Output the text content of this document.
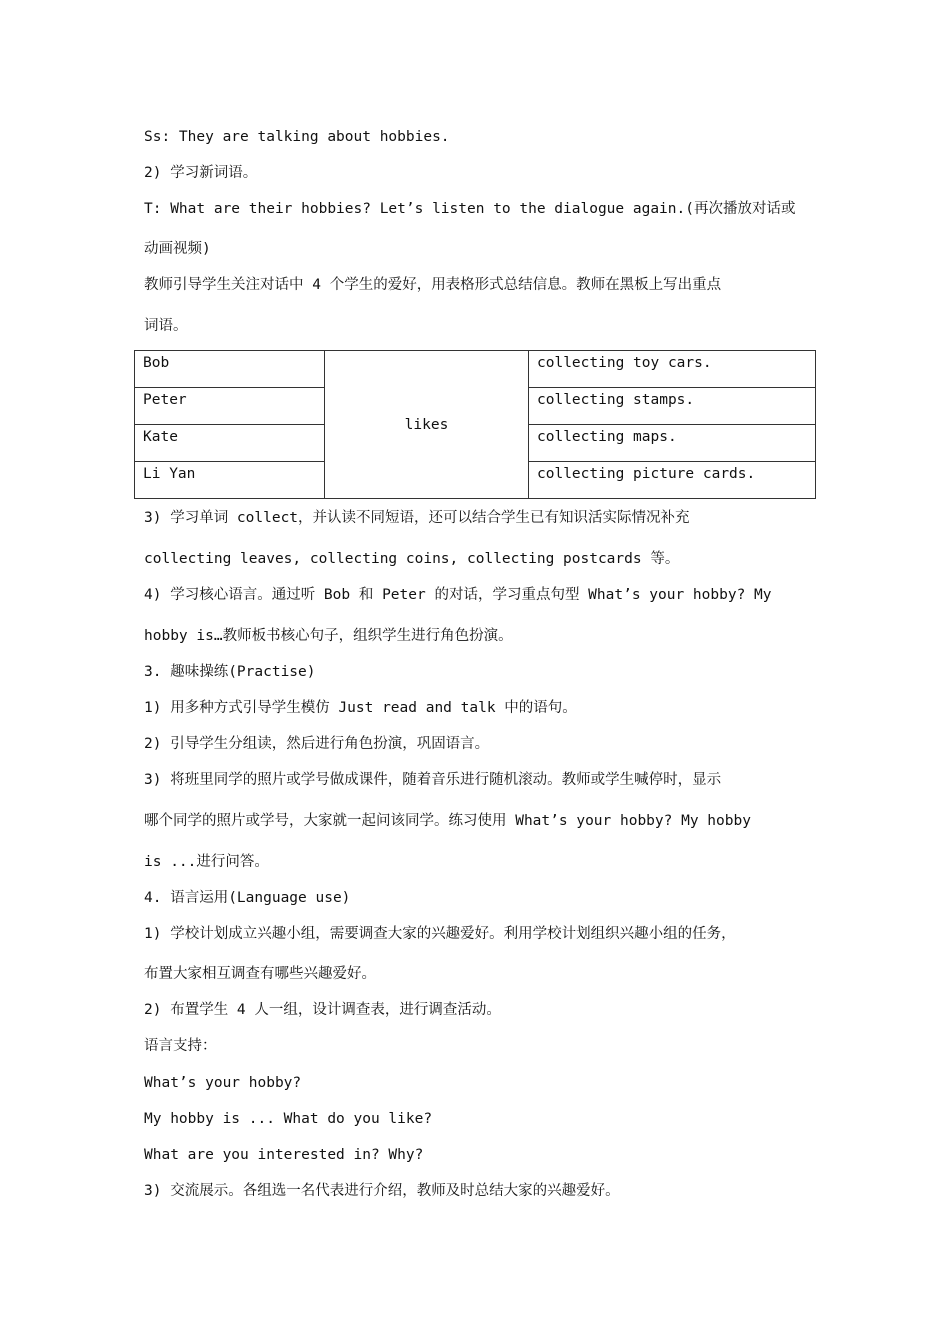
Ss: They are talking about hobbies.
2) 学习新词语。
T: What are their hobbies? Let’s listen to the dialogue again.(再次播放对话或
动画视频)
教师引导学生关注对话中 4 个学生的爱好，用表格形式总结信息。教师在黑板上写出重点
词语。
Bob	likes	collecting toy cars.
Peter		collecting stamps.
Kate		collecting maps.
Li Yan		collecting picture cards.
3) 学习单词 collect，并认读不同短语，还可以结合学生已有知识活实际情况补充
collecting leaves, collecting coins, collecting postcards 等。
4) 学习核心语言。通过听 Bob 和 Peter 的对话，学习重点句型 What’s your hobby? My
hobby is…教师板书核心句子，组织学生进行角色扮演。
3. 趣味操练(Practise)
1) 用多种方式引导学生模仿 Just read and talk 中的语句。
2) 引导学生分组读，然后进行角色扮演，巩固语言。
3) 将班里同学的照片或学号做成课件，随着音乐进行随机滚动。教师或学生喊停时，显示
哪个同学的照片或学号，大家就一起问该同学。练习使用 What’s your hobby? My hobby
is ...进行问答。
4. 语言运用(Language use)
1) 学校计划成立兴趣小组，需要调查大家的兴趣爱好。利用学校计划组织兴趣小组的任务，
布置大家相互调查有哪些兴趣爱好。
2) 布置学生 4 人一组，设计调查表，进行调查活动。
语言支持：
What’s your hobby?
My hobby is ... What do you like?
What are you interested in? Why?
3) 交流展示。各组选一名代表进行介绍，教师及时总结大家的兴趣爱好。
